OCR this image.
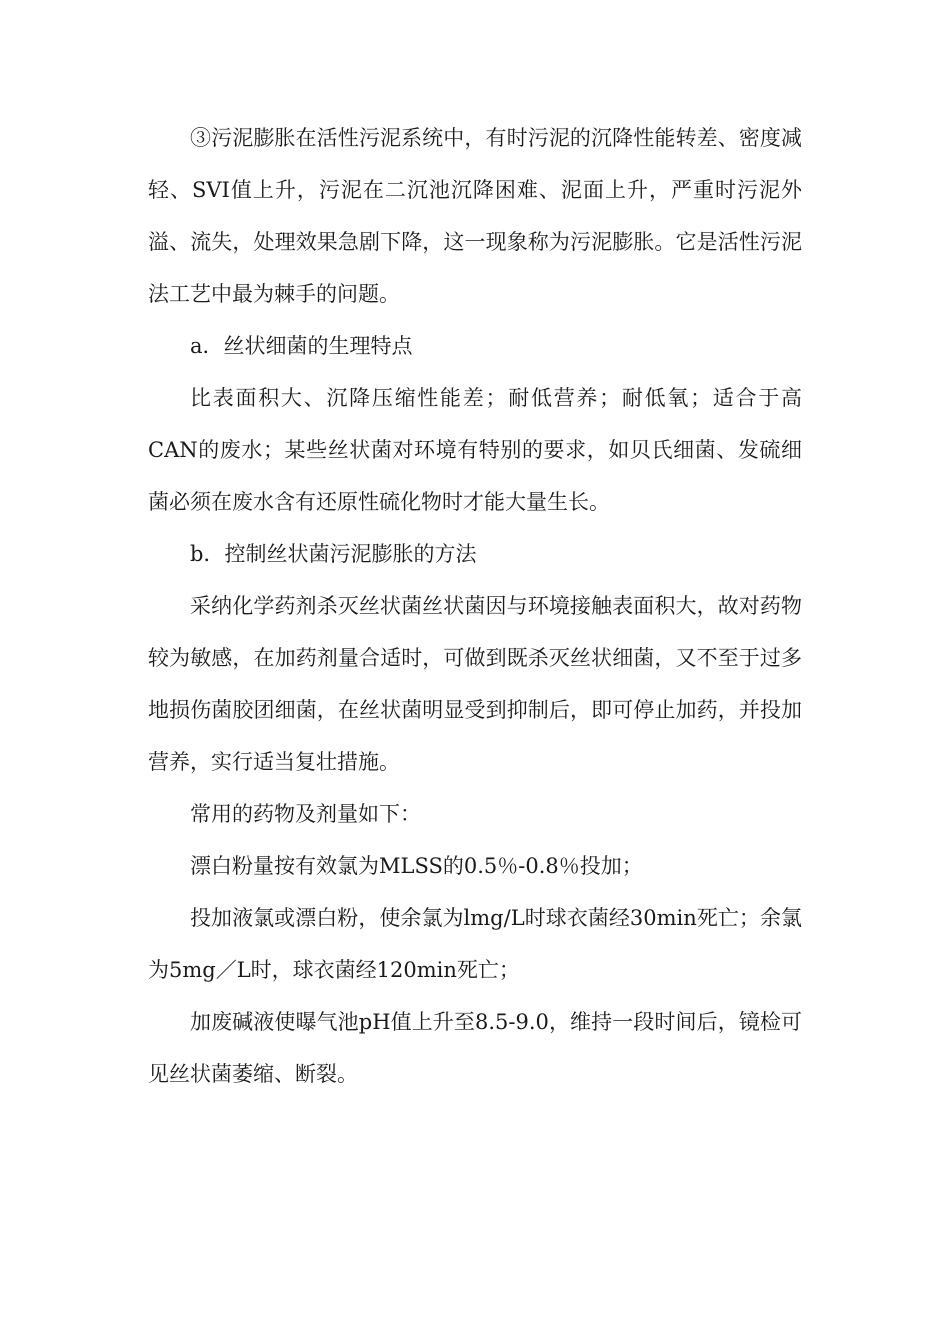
③污泥膨胀在活性污泥系统中，有时污泥的沉降性能转差、密度减轻、SVI值上升，污泥在二沉池沉降困难、泥面上升，严重时污泥外溢、流失，处理效果急剧下降，这一现象称为污泥膨胀。它是活性污泥法工艺中最为棘手的问题。

a．丝状细菌的生理特点

比表面积大、沉降压缩性能差；耐低营养；耐低氧；适合于高CAN的废水；某些丝状菌对环境有特别的要求，如贝氏细菌、发硫细菌必须在废水含有还原性硫化物时才能大量生长。

b．控制丝状菌污泥膨胀的方法

采纳化学药剂杀灭丝状菌丝状菌因与环境接触表面积大，故对药物较为敏感，在加药剂量合适时，可做到既杀灭丝状细菌，又不至于过多地损伤菌胶团细菌，在丝状菌明显受到抑制后，即可停止加药，并投加营养，实行适当复壮措施。

常用的药物及剂量如下：

漂白粉量按有效氯为MLSS的0.5％-0.8％投加；

投加液氯或漂白粉，使余氯为lmg/L时球衣菌经30min死亡；余氯为5mg／L时，球衣菌经120min死亡；

加废碱液使曝气池pH值上升至8.5-9.0，维持一段时间后，镜检可见丝状菌萎缩、断裂。
